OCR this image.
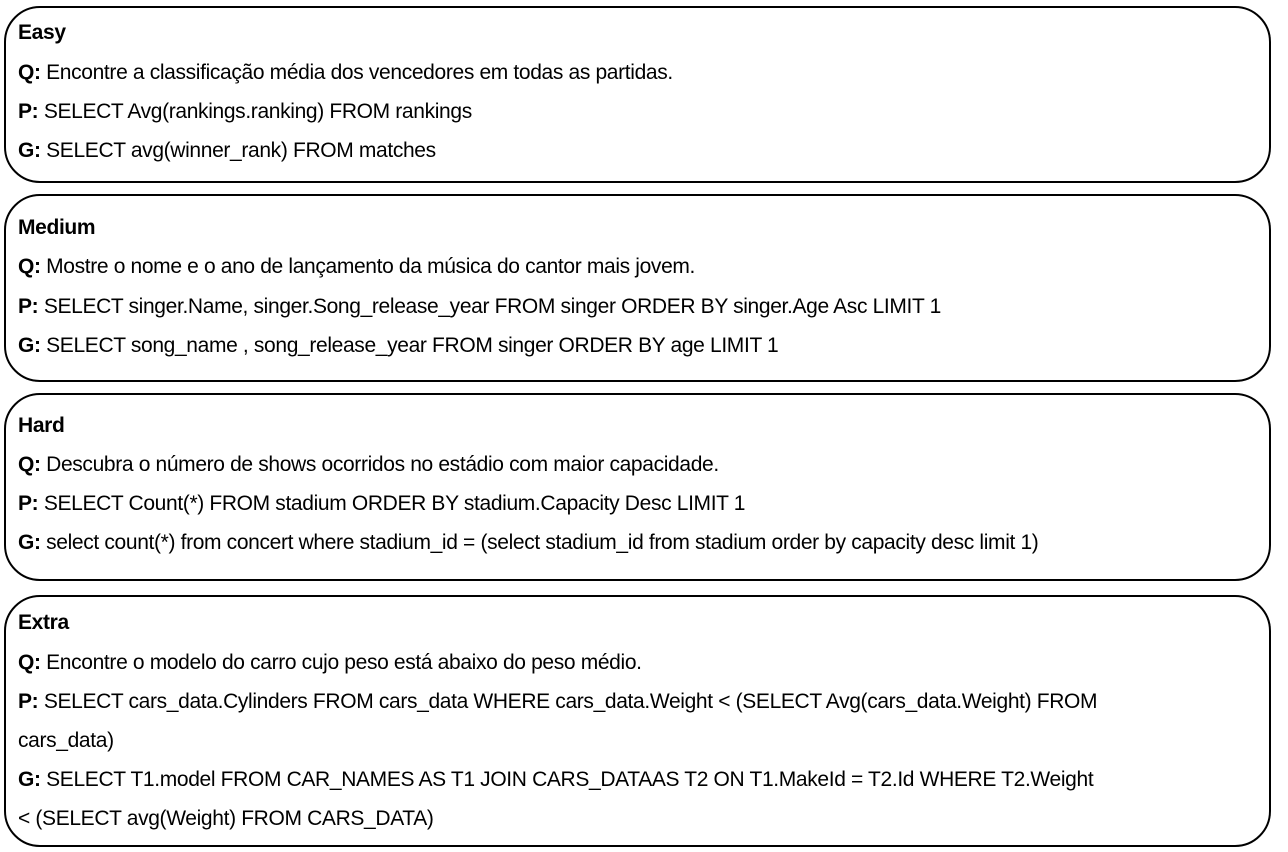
Easy
Q: Encontre a classificação média dos vencedores em todas as partidas.
P: SELECT Avg(rankings.ranking) FROM rankings
G: SELECT avg(winner_rank) FROM matches
Medium
Q: Mostre o nome e o ano de lançamento da música do cantor mais jovem.
P: SELECT singer.Name, singer.Song_release_year FROM singer ORDER BY singer.Age Asc LIMIT 1
G: SELECT song_name , song_release_year FROM singer ORDER BY age LIMIT 1
Hard
Q: Descubra o número de shows ocorridos no estádio com maior capacidade.
P: SELECT Count(*) FROM stadium ORDER BY stadium.Capacity Desc LIMIT 1
G: select count(*) from concert where stadium_id = (select stadium_id from stadium order by capacity desc limit 1)
Extra
Q: Encontre o modelo do carro cujo peso está abaixo do peso médio.
P: SELECT cars_data.Cylinders FROM cars_data WHERE cars_data.Weight < (SELECT Avg(cars_data.Weight) FROM
cars_data)
G: SELECT T1.model FROM CAR_NAMES AS T1 JOIN CARS_DATAAS T2 ON T1.MakeId = T2.Id WHERE T2.Weight
< (SELECT avg(Weight) FROM CARS_DATA)
